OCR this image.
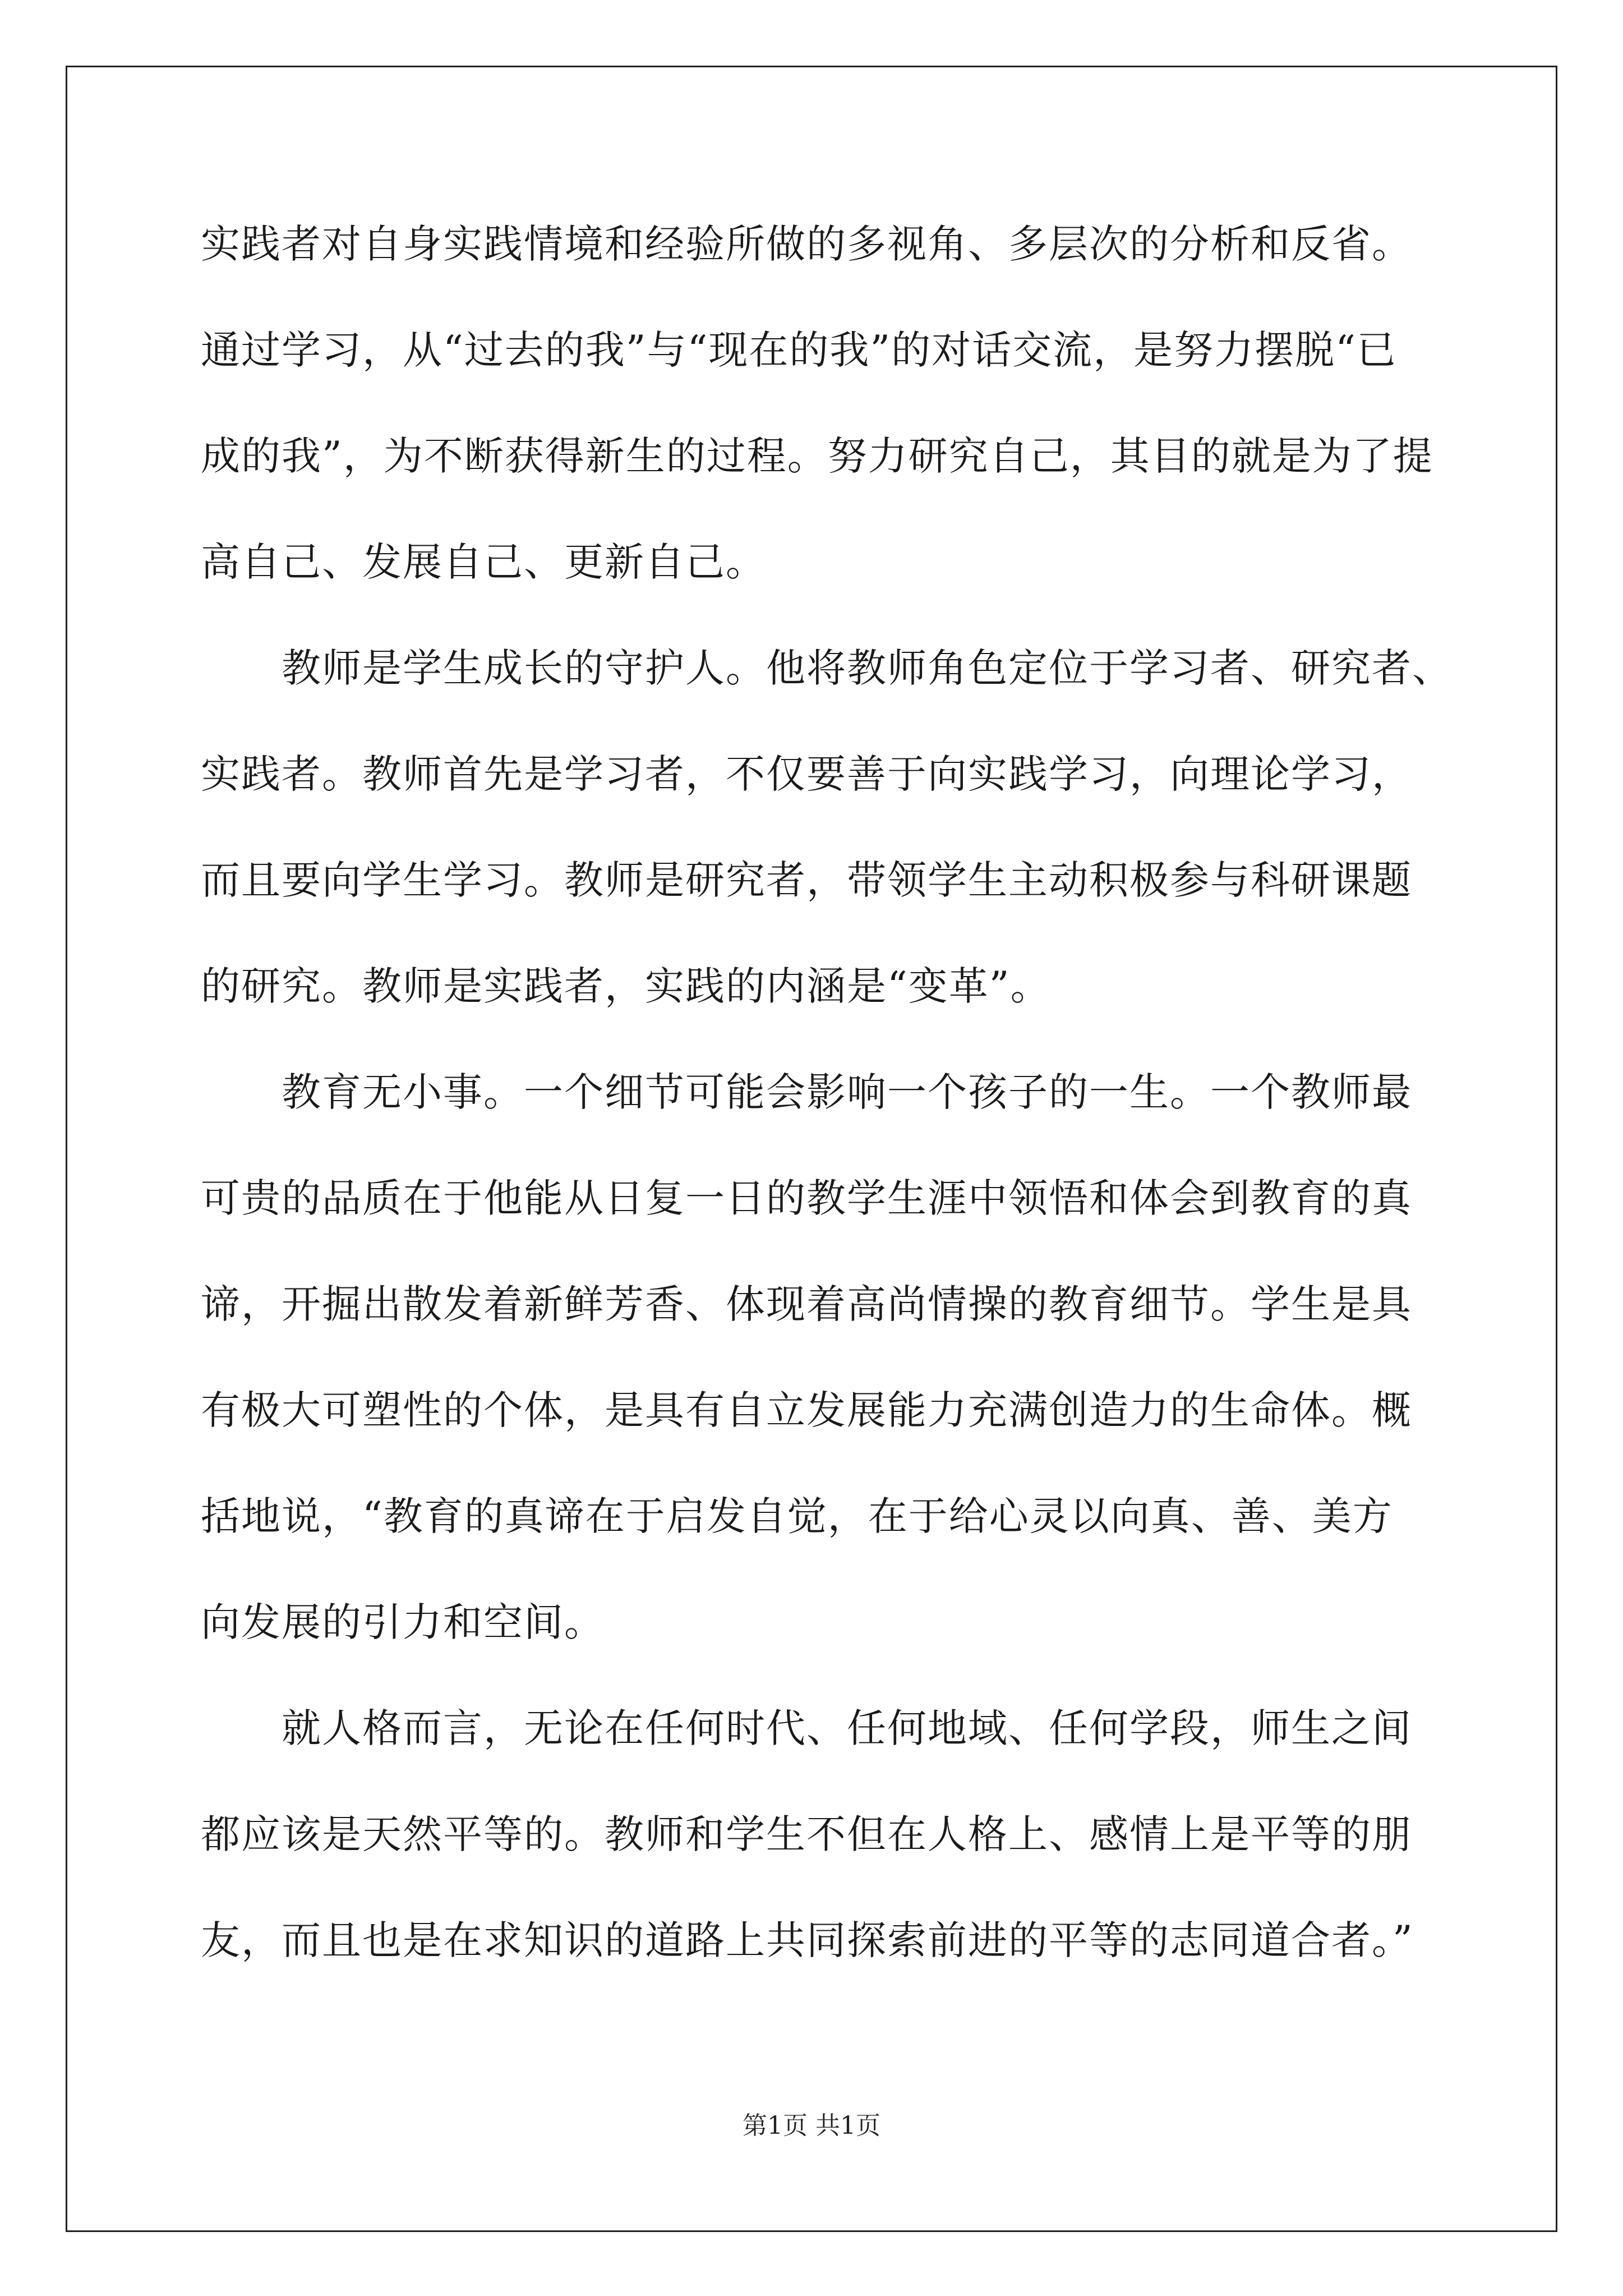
实践者对自身实践情境和经验所做的多视角、多层次的分析和反省。
通过学习，从“过去的我”与“现在的我”的对话交流，是努力摆脱“已
成的我”，为不断获得新生的过程。努力研究自己，其目的就是为了提
高自己、发展自己、更新自己。
教师是学生成长的守护人。他将教师角色定位于学习者、研究者、
实践者。教师首先是学习者，不仅要善于向实践学习，向理论学习，
而且要向学生学习。教师是研究者，带领学生主动积极参与科研课题
的研究。教师是实践者，实践的内涵是“变革”。
教育无小事。一个细节可能会影响一个孩子的一生。一个教师最
可贵的品质在于他能从日复一日的教学生涯中领悟和体会到教育的真
谛，开掘出散发着新鲜芳香、体现着高尚情操的教育细节。学生是具
有极大可塑性的个体，是具有自立发展能力充满创造力的生命体。概
括地说，“教育的真谛在于启发自觉，在于给心灵以向真、善、美方
向发展的引力和空间。
就人格而言，无论在任何时代、任何地域、任何学段，师生之间
都应该是天然平等的。教师和学生不但在人格上、感情上是平等的朋
友，而且也是在求知识的道路上共同探索前进的平等的志同道合者。”
第1页 共1页
